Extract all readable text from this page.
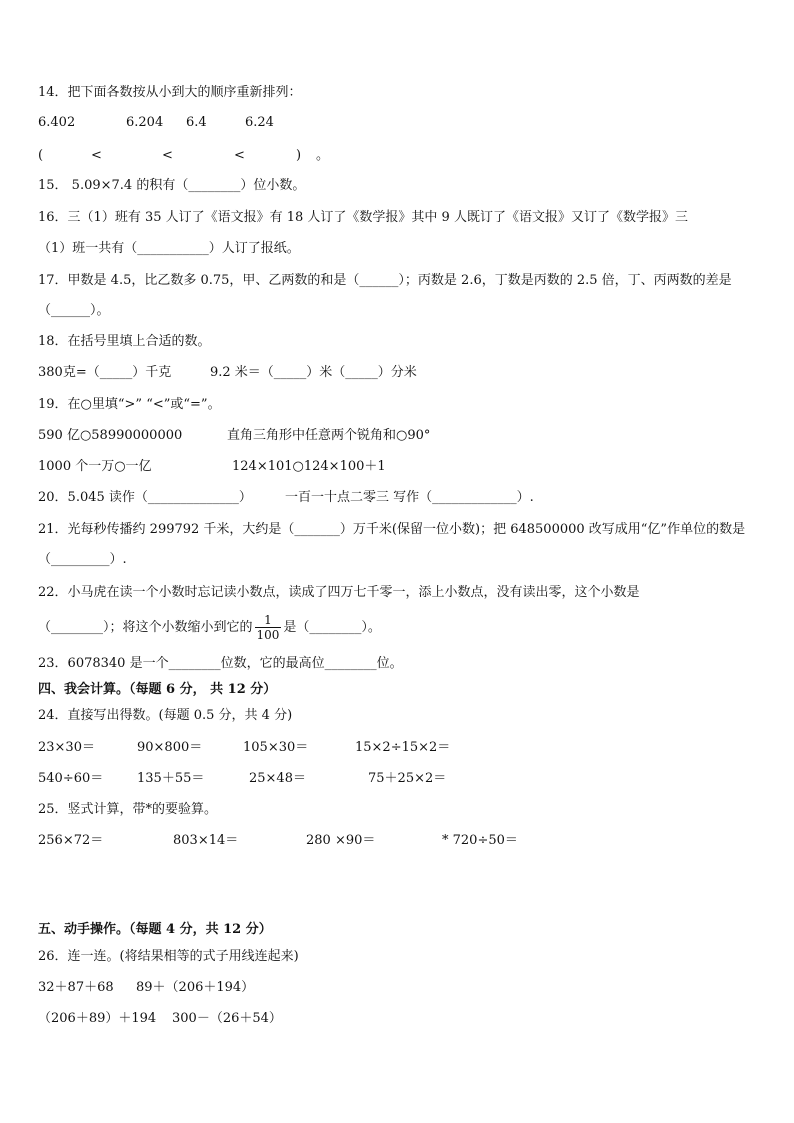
14．把下面各数按从小到大的顺序重新排列：
6.402	6.204 6.4	6.24
(	<	<	<	) 。
15． 5.09×7.4 的积有（________）位小数。
16．三（1）班有 35 人订了《语文报》有 18 人订了《数学报》其中 9 人既订了《语文报》又订了《数学报》三
（1）班一共有（___________）人订了报纸。
17．甲数是 4.5，比乙数多 0.75，甲、乙两数的和是（______）；丙数是 2.6，丁数是丙数的 2.5 倍，丁、丙两数的差是
（______）。
18．在括号里填上合适的数。
380克=（_____）千克	9.2 米＝（_____）米（_____）分米
19．在○里填“>” “<”或“=”。
590 亿○58990000000	直角三角形中任意两个锐角和○90°
1000 个一万○一亿	124×101○124×100＋1
20．5.045 读作（______________）	一百一十点二零三 写作（_____________）.
21．光每秒传播约 299792 千米，大约是（_______）万千米(保留一位小数)；把 648500000 改写成用“亿”作单位的数是
（_________）.
22．小马虎在读一个小数时忘记读小数点，读成了四万七千零一，添上小数点，没有读出零，这个小数是
（________）；将这个小数缩小到它的 $\frac{1}{100}$ 是（________）。
23．6078340 是一个________位数，它的最高位________位。
四、我会计算。（每题 6 分， 共 12 分）
24．直接写出得数。(每题 0.5 分，共 4 分)
23×30＝	90×800＝	105×30＝	15×2÷15×2＝
540÷60＝	135＋55＝	25×48＝	75＋25×2＝
25．竖式计算，带*的要验算。
256×72＝	803×14＝	280 ×90＝	* 720÷50＝
五、动手操作。（每题 4 分，共 12 分）
26．连一连。(将结果相等的式子用线连起来)
32＋87＋68 89＋（206＋194）
（206＋89）＋194 300－（26＋54）
